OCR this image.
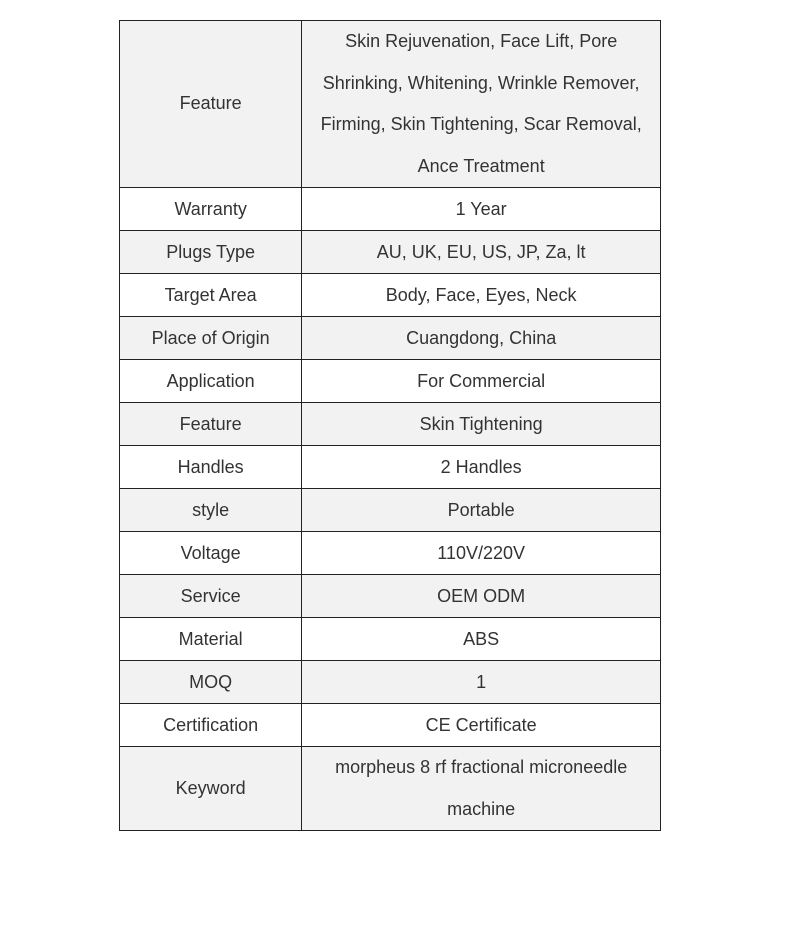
Feature	Skin Rejuvenation, Face Lift, Pore Shrinking, Whitening, Wrinkle Remover, Firming, Skin Tightening, Scar Removal, Ance Treatment
Warranty	1 Year
Plugs Type	AU, UK, EU, US, JP, Za, lt
Target Area	Body, Face, Eyes, Neck
Place of Origin	Cuangdong, China
Application	For Commercial
Feature	Skin Tightening
Handles	2 Handles
style	Portable
Voltage	110V/220V
Service	OEM ODM
Material	ABS
MOQ	1
Certification	CE Certificate
Keyword	morpheus 8 rf fractional microneedle machine
